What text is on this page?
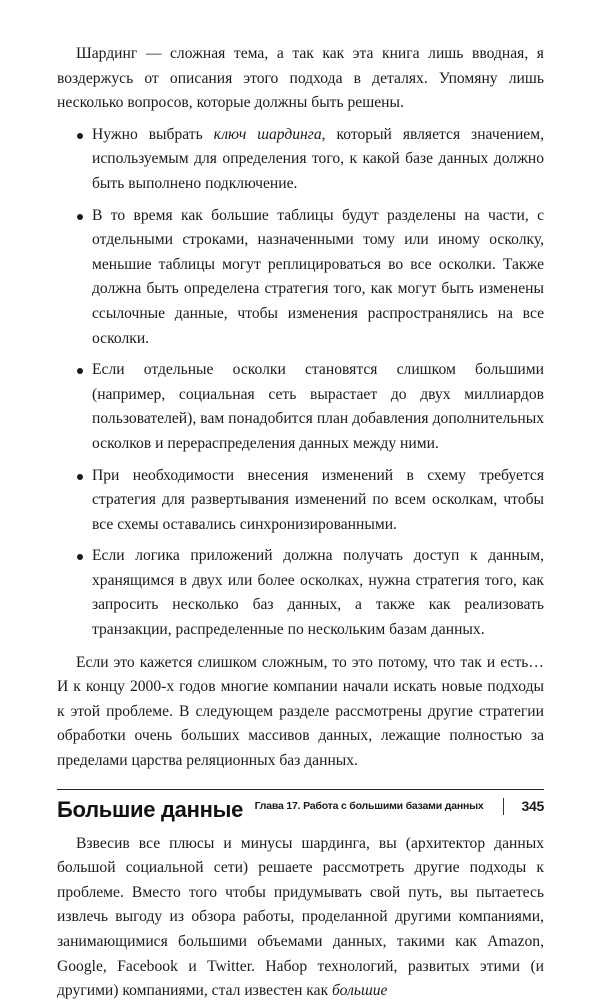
Шардинг — сложная тема, а так как эта книга лишь вводная, я воздержусь от описания этого подхода в деталях. Упомяну лишь несколько вопросов, которые должны быть решены.

Нужно выбрать ключ шардинга, который является значением, используемым для определения того, к какой базе данных должно быть выполнено подключение.
В то время как большие таблицы будут разделены на части, с отдельными строками, назначенными тому или иному осколку, меньшие таблицы могут реплицироваться во все осколки. Также должна быть определена стратегия того, как могут быть изменены ссылочные данные, чтобы изменения распространялись на все осколки.
Если отдельные осколки становятся слишком большими (например, социальная сеть вырастает до двух миллиардов пользователей), вам понадобится план добавления дополнительных осколков и перераспределения данных между ними.
При необходимости внесения изменений в схему требуется стратегия для развертывания изменений по всем осколкам, чтобы все схемы оставались синхронизированными.
Если логика приложений должна получать доступ к данным, хранящимся в двух или более осколках, нужна стратегия того, как запросить несколько баз данных, а также как реализовать транзакции, распределенные по нескольким базам данных.

Если это кажется слишком сложным, то это потому, что так и есть… И к концу 2000-х годов многие компании начали искать новые подходы к этой проблеме. В следующем разделе рассмотрены другие стратегии обработки очень больших массивов данных, лежащие полностью за пределами царства реляционных баз данных.

Большие данные

Взвесив все плюсы и минусы шардинга, вы (архитектор данных большой социальной сети) решаете рассмотреть другие подходы к проблеме. Вместо того чтобы придумывать свой путь, вы пытаетесь извлечь выгоду из обзора работы, проделанной другими компаниями, занимающимися большими объемами данных, такими как Amazon, Google, Facebook и Twitter. Набор технологий, развитых этими (и другими) компаниями, стал известен как большие

Глава 17. Работа с большими базами данных	345
